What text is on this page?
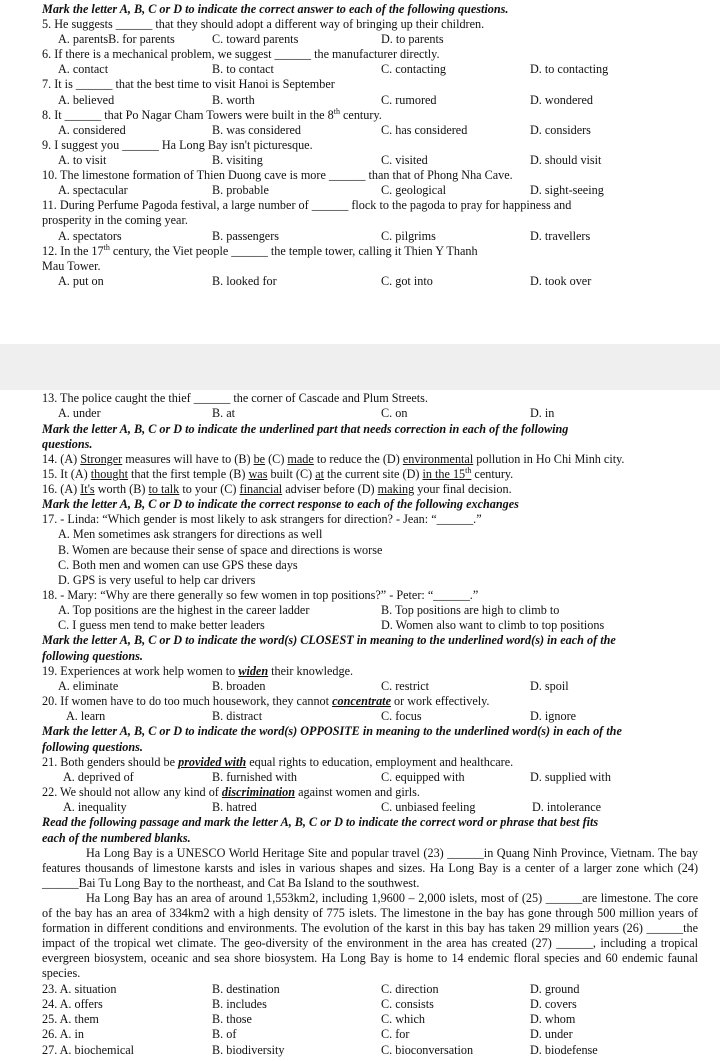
Mark the letter A, B, C or D to indicate the correct answer to each of the following questions.
5. He suggests ______ that they should adopt a different way of bringing up their children.
A. parentsB. for parents	C. toward parents	D. to parents
6. If there is a mechanical problem, we suggest ______ the manufacturer directly.
A. contact	B. to contact	C. contacting	D. to contacting
7. It is ______ that the best time to visit Hanoi is September
A. believed	B. worth	C. rumored	D. wondered
8. It ______ that Po Nagar Cham Towers were built in the 8th century.
A. considered	B. was considered	C. has considered	D. considers
9. I suggest you ______ Ha Long Bay isn't picturesque.
A. to visit	B. visiting	C. visited	D. should visit
10. The limestone formation of Thien Duong cave is more ______ than that of Phong Nha Cave.
A. spectacular	B. probable	C. geological	D. sight-seeing
11. During Perfume Pagoda festival, a large number of ______ flock to the pagoda to pray for happiness and prosperity in the coming year.
A. spectators	B. passengers	C. pilgrims	D. travellers
12. In the 17th century, the Viet people ______ the temple tower, calling it Thien Y Thanh
Mau Tower.
A. put on	B. looked for	C. got into	D. took over
13. The police caught the thief ______ the corner of Cascade and Plum Streets.
A. under	B. at	C. on	D. in
Mark the letter A, B, C or D to indicate the underlined part that needs correction in each of the following
questions.
14. (A) Stronger measures will have to (B) be (C) made to reduce the (D) environmental pollution in Ho Chi Minh city.
15. It (A) thought that the first temple (B) was built (C) at the current site (D) in the 15th century.
16. (A) It's worth (B) to talk to your (C) financial adviser before (D) making your final decision.
Mark the letter A, B, C or D to indicate the correct response to each of the following exchanges
17. - Linda: “Which gender is most likely to ask strangers for direction? - Jean: “______.”
A. Men sometimes ask strangers for directions as well
B. Women are because their sense of space and directions is worse
C. Both men and women can use GPS these days
D. GPS is very useful to help car drivers
18. - Mary: “Why are there generally so few women in top positions?” - Peter: “______.”
A. Top positions are the highest in the career ladder	B. Top positions are high to climb to
C. I guess men tend to make better leaders	D. Women also want to climb to top positions
Mark the letter A, B, C or D to indicate the word(s) CLOSEST in meaning to the underlined word(s) in each of the
following questions.
19. Experiences at work help women to widen their knowledge.
A. eliminate	B. broaden	C. restrict	D. spoil
20. If women have to do too much housework, they cannot concentrate or work effectively.
A. learn	B. distract	C. focus	D. ignore
Mark the letter A, B, C or D to indicate the word(s) OPPOSITE in meaning to the underlined word(s) in each of the
following questions.
21. Both genders should be provided with equal rights to education, employment and healthcare.
A. deprived of	B. furnished with	C. equipped with	D. supplied with
22. We should not allow any kind of discrimination against women and girls.
A. inequality	B. hatred	C. unbiased feeling	D. intolerance
Read the following passage and mark the letter A, B, C or D to indicate the correct word or phrase that best fits
each of the numbered blanks.
Ha Long Bay is a UNESCO World Heritage Site and popular travel (23) ______in Quang Ninh Province, Vietnam. The bay features thousands of limestone karsts and isles in various shapes and sizes. Ha Long Bay is a center of a larger zone which (24) ______Bai Tu Long Bay to the northeast, and Cat Ba Island to the southwest.
Ha Long Bay has an area of around 1,553km2, including 1,9600 – 2,000 islets, most of (25) ______are limestone. The core of the bay has an area of 334km2 with a high density of 775 islets. The limestone in the bay has gone through 500 million years of formation in different conditions and environments. The evolution of the karst in this bay has taken 29 million years (26) ______the impact of the tropical wet climate. The geo-diversity of the environment in the area has created (27) ______, including a tropical evergreen biosystem, oceanic and sea shore biosystem. Ha Long Bay is home to 14 endemic floral species and 60 endemic faunal species.
23. A. situation	B. destination	C. direction	D. ground
24. A. offers	B. includes	C. consists	D. covers
25. A. them	B. those	C. which	D. whom
26. A. in	B. of	C. for	D. under
27. A. biochemical	B. biodiversity	C. bioconversation	D. biodefense
